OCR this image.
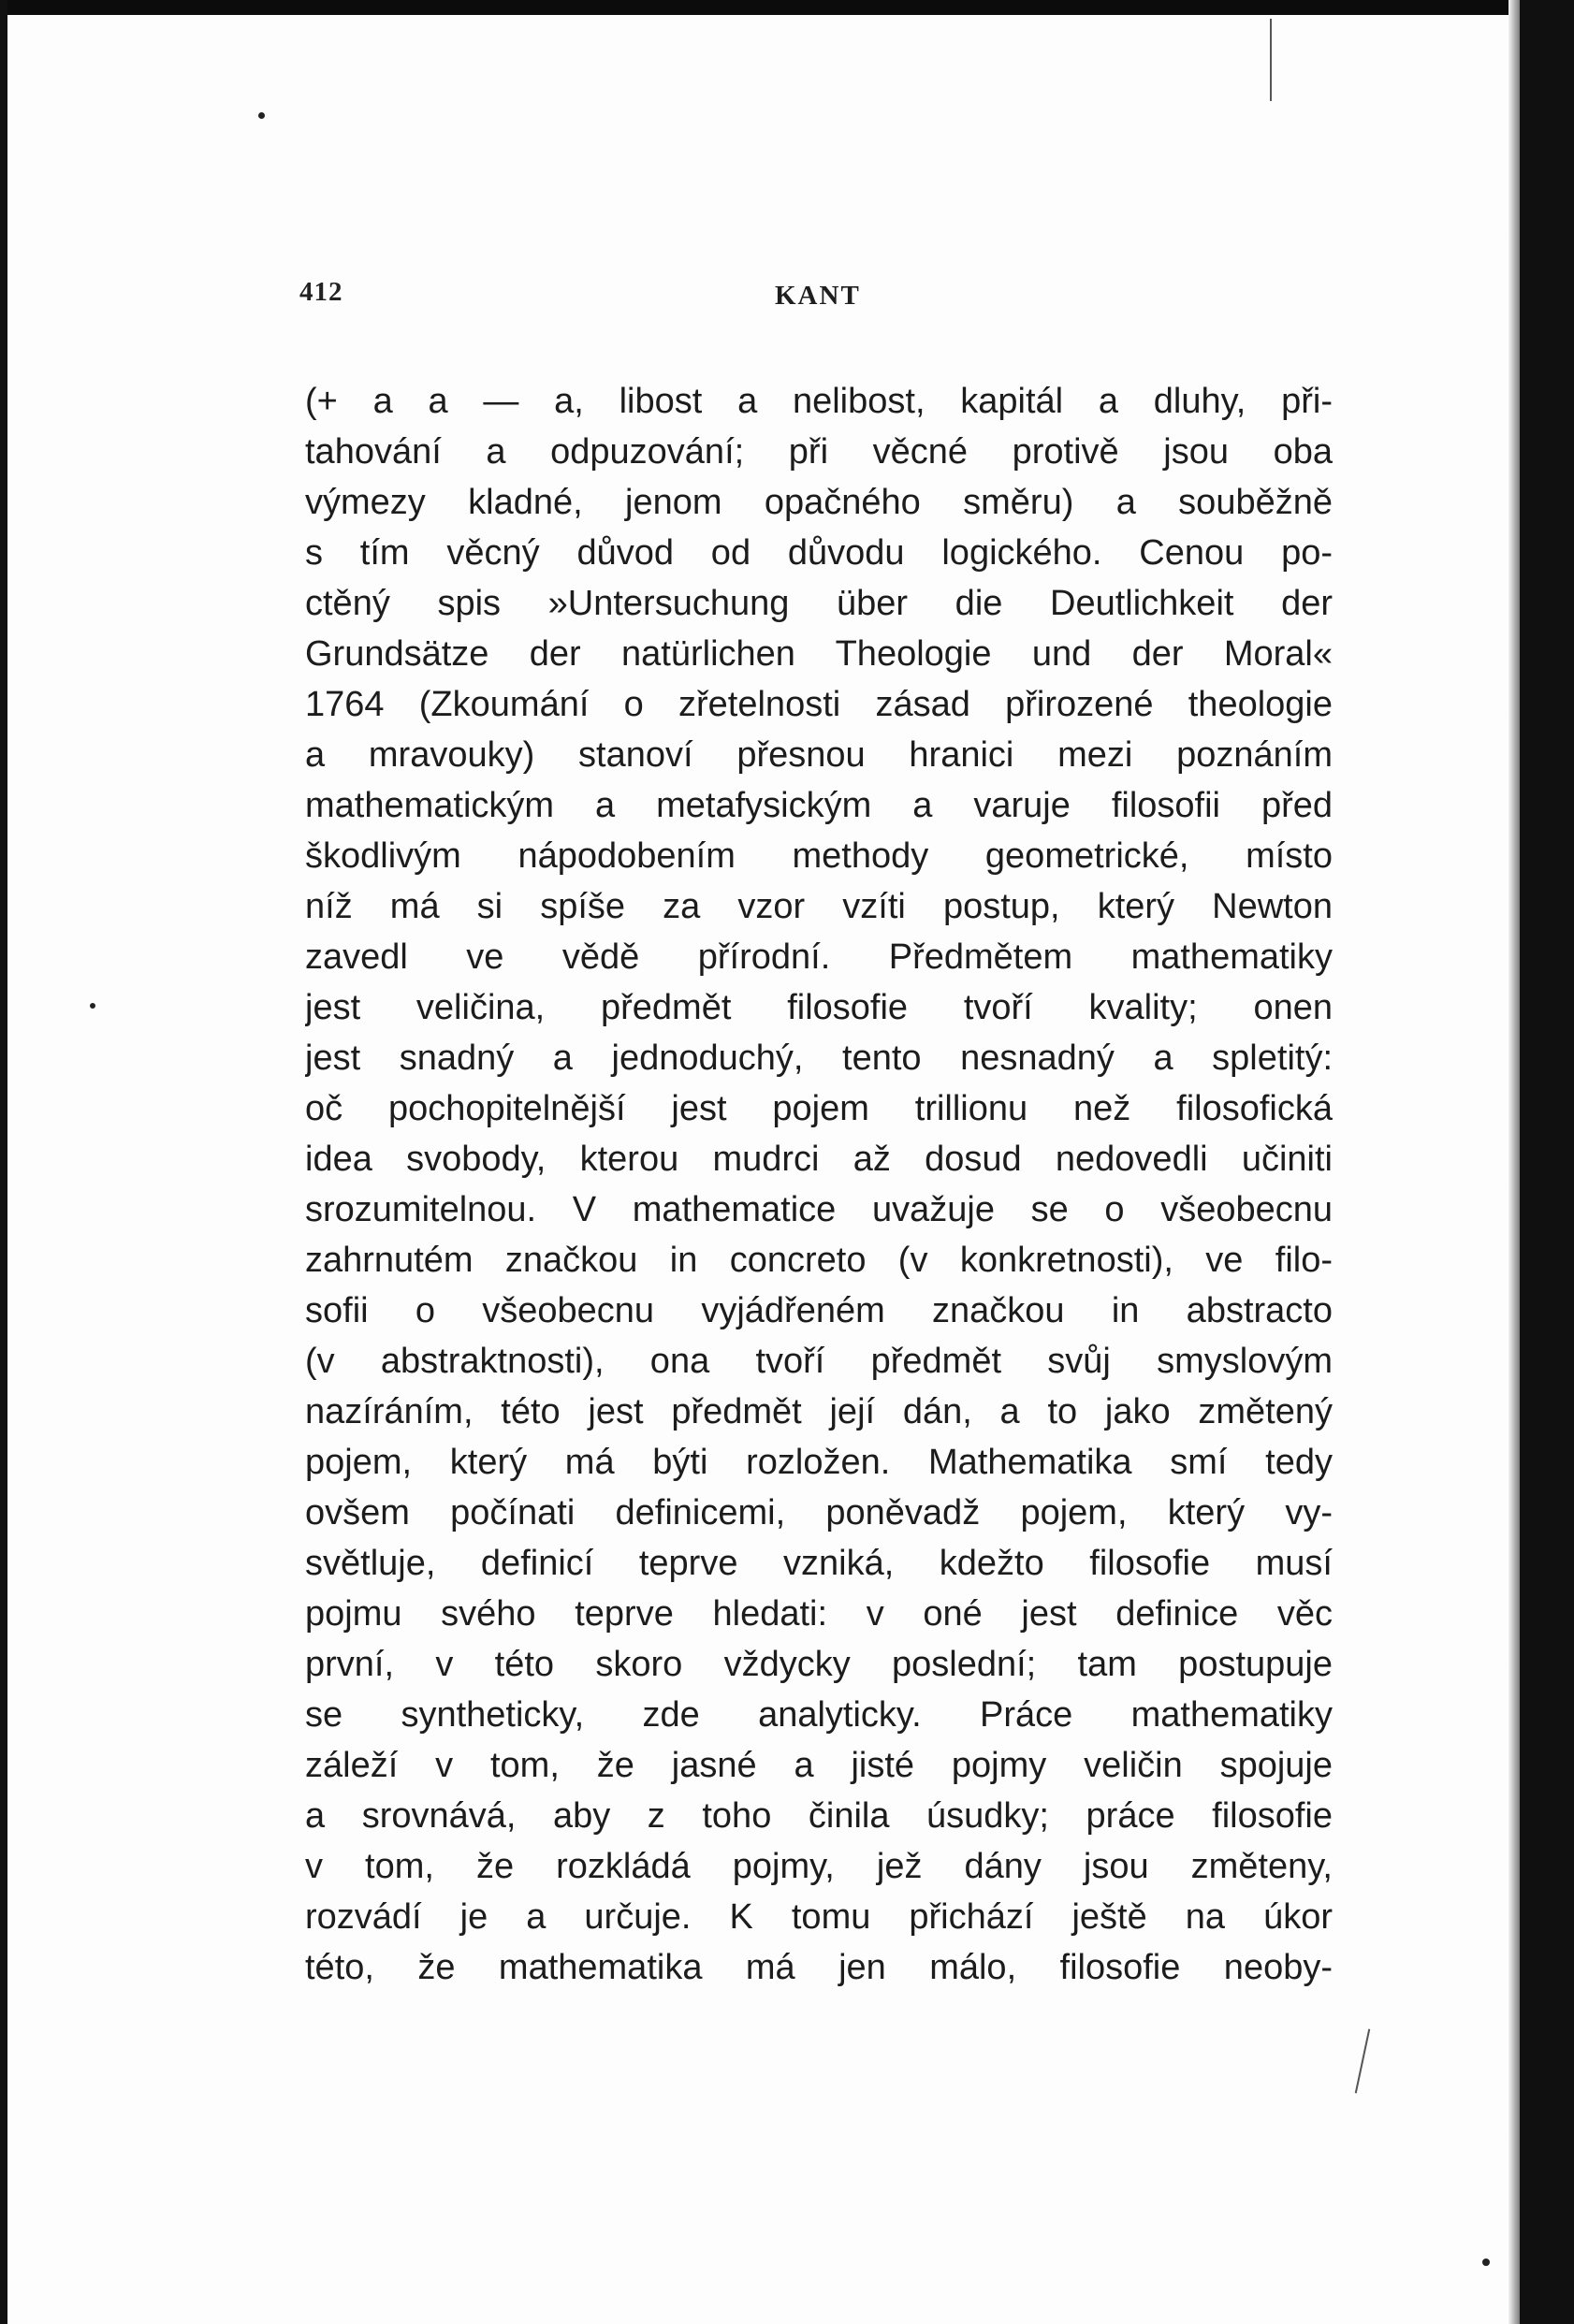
412	KANT
(+ a a — a, libost a nelibost, kapitál a dluhy, při-
tahování a odpuzování; při věcné protivě jsou oba
výmezy kladné, jenom opačného směru) a souběžně
s tím věcný důvod od důvodu logického. Cenou po-
ctěný spis »Untersuchung über die Deutlichkeit der
Grundsätze der natürlichen Theologie und der Moral«
1764 (Zkoumání o zřetelnosti zásad přirozené theologie
a mravouky) stanoví přesnou hranici mezi poznáním
mathematickým a metafysickým a varuje filosofii před
škodlivým nápodobením methody geometrické, místo
níž má si spíše za vzor vzíti postup, který Newton
zavedl ve vědě přírodní. Předmětem mathematiky
jest veličina, předmět filosofie tvoří kvality; onen
jest snadný a jednoduchý, tento nesnadný a spletitý:
oč pochopitelnější jest pojem trillionu než filosofická
idea svobody, kterou mudrci až dosud nedovedli učiniti
srozumitelnou. V mathematice uvažuje se o všeobecnu
zahrnutém značkou in concreto (v konkretnosti), ve filo-
sofii o všeobecnu vyjádřeném značkou in abstracto
(v abstraktnosti), ona tvoří předmět svůj smyslovým
nazíráním, této jest předmět její dán, a to jako změtený
pojem, který má býti rozložen. Mathematika smí tedy
ovšem počínati definicemi, poněvadž pojem, který vy-
světluje, definicí teprve vzniká, kdežto filosofie musí
pojmu svého teprve hledati: v oné jest definice věc
první, v této skoro vždycky poslední; tam postupuje
se syntheticky, zde analyticky. Práce mathematiky
záleží v tom, že jasné a jisté pojmy veličin spojuje
a srovnává, aby z toho činila úsudky; práce filosofie
v tom, že rozkládá pojmy, jež dány jsou změteny,
rozvádí je a určuje. K tomu přichází ještě na úkor
této, že mathematika má jen málo, filosofie neoby-
